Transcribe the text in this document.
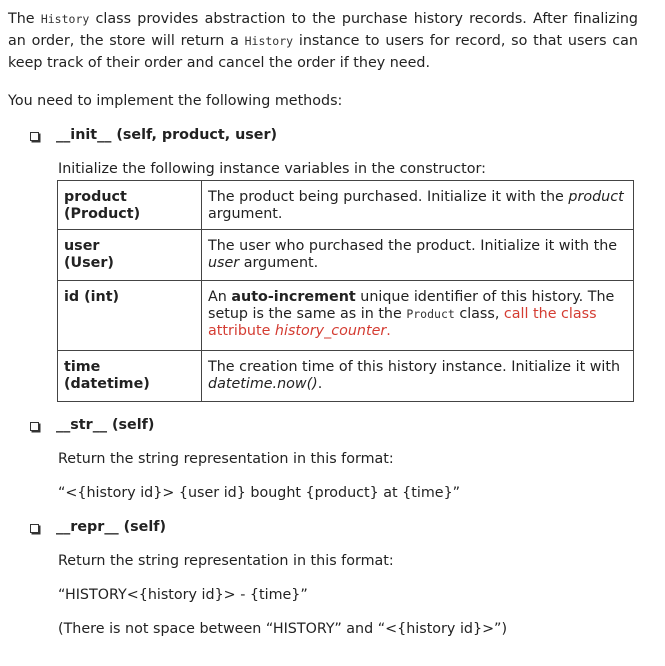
The History class provides abstraction to the purchase history records. After finalizing an order, the store will return a History instance to users for record, so that users can keep track of their order and cancel the order if they need.
You need to implement the following methods:
__init__ (self, product, user)
Initialize the following instance variables in the constructor:
product
(Product)	The product being purchased. Initialize it with the product argument.
user
(User)	The user who purchased the product. Initialize it with the user argument.
id (int)	An auto-increment unique identifier of this history. The setup is the same as in the Product class, call the class attribute history_counter.
time
(datetime)	The creation time of this history instance. Initialize it with datetime.now().
__str__ (self)
Return the string representation in this format:
“<{history id}> {user id} bought {product} at {time}”
__repr__ (self)
Return the string representation in this format:
“HISTORY<{history id}> - {time}”
(There is not space between “HISTORY” and “<{history id}>”)
